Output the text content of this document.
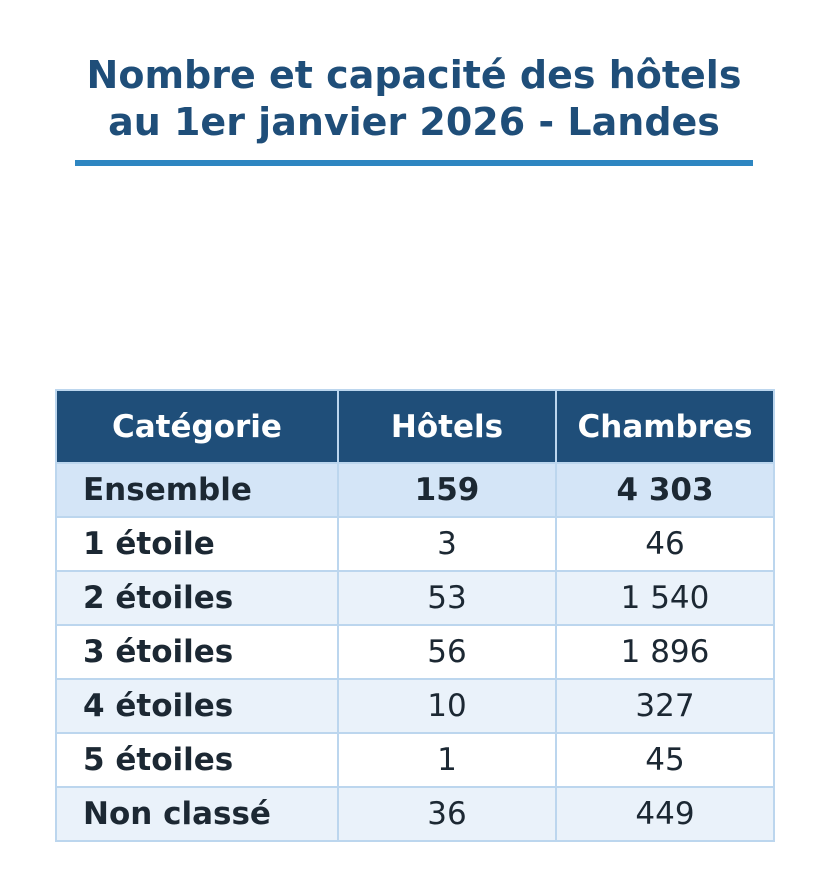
Nombre et capacité des hôtels
au 1er janvier 2026 - Landes
Catégorie	Hôtels	Chambres
Ensemble	159	4 303
1 étoile	3	46
2 étoiles	53	1 540
3 étoiles	56	1 896
4 étoiles	10	327
5 étoiles	1	45
Non classé	36	449
